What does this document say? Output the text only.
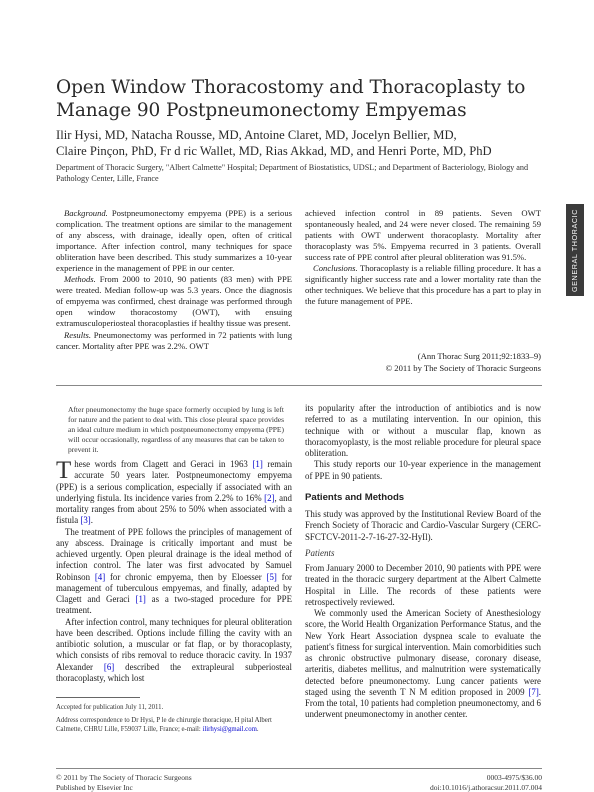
Open Window Thoracostomy and Thoracoplasty to Manage 90 Postpneumonectomy Empyemas
Ilir Hysi, MD, Natacha Rousse, MD, Antoine Claret, MD, Jocelyn Bellier, MD,
Claire Pinçon, PhD, Fr d ric Wallet, MD, Rias Akkad, MD, and Henri Porte, MD, PhD
Department of Thoracic Surgery, "Albert Calmette" Hospital; Department of Biostatistics, UDSL; and Department of Bacteriology, Biology and Pathology Center, Lille, France
GENERAL THORACIC

Background. Postpneumonectomy empyema (PPE) is a serious complication. The treatment options are similar to the management of any abscess, with drainage, ideally open, often of critical importance. After infection control, many techniques for space obliteration have been described. This study summarizes a 10-year experience in the management of PPE in our center.

Methods. From 2000 to 2010, 90 patients (83 men) with PPE were treated. Median follow-up was 5.3 years. Once the diagnosis of empyema was confirmed, chest drainage was performed through open window thoracostomy (OWT), with ensuing extramusculoperiosteal thoracoplasties if healthy tissue was present.

Results. Pneumonectomy was performed in 72 patients with lung cancer. Mortality after PPE was 2.2%. OWT

achieved infection control in 89 patients. Seven OWT spontaneously healed, and 24 were never closed. The remaining 59 patients with OWT underwent thoracoplasty. Mortality after thoracoplasty was 5%. Empyema recurred in 3 patients. Overall success rate of PPE control after pleural obliteration was 91.5%.

Conclusions. Thoracoplasty is a reliable filling procedure. It has a significantly higher success rate and a lower mortality rate than the other techniques. We believe that this procedure has a part to play in the future management of PPE.

(Ann Thorac Surg 2011;92:1833–9)
© 2011 by The Society of Thoracic Surgeons
After pneumonectomy the huge space formerly occupied by lung is left for nature and the patient to deal with. This close pleural space provides an ideal culture medium in which postpneumonectomy empyema (PPE) will occur occasionally, regardless of any measures that can be taken to prevent it.

These words from Clagett and Geraci in 1963 [1] remain accurate 50 years later. Postpneumonectomy empyema (PPE) is a serious complication, especially if associated with an underlying fistula. Its incidence varies from 2.2% to 16% [2], and mortality ranges from about 25% to 50% when associated with a fistula [3].

The treatment of PPE follows the principles of management of any abscess. Drainage is critically important and must be achieved urgently. Open pleural drainage is the ideal method of infection control. The later was first advocated by Samuel Robinson [4] for chronic empyema, then by Eloesser [5] for management of tuberculous empyemas, and finally, adapted by Clagett and Geraci [1] as a two-staged procedure for PPE treatment.

After infection control, many techniques for pleural obliteration have been described. Options include filling the cavity with an antibiotic solution, a muscular or fat flap, or by thoracoplasty, which consists of ribs removal to reduce thoracic cavity. In 1937 Alexander [6] described the extrapleural subperiosteal thoracoplasty, which lost

its popularity after the introduction of antibiotics and is now referred to as a mutilating intervention. In our opinion, this technique with or without a muscular flap, known as thoracomyoplasty, is the most reliable procedure for pleural space obliteration.

This study reports our 10-year experience in the management of PPE in 90 patients.

Patients and Methods

This study was approved by the Institutional Review Board of the French Society of Thoracic and Cardio-Vascular Surgery (CERC-SFCTCV-2011-2-7-16-27-32-HyIl).

Patients

From January 2000 to December 2010, 90 patients with PPE were treated in the thoracic surgery department at the Albert Calmette Hospital in Lille. The records of these patients were retrospectively reviewed.

We commonly used the American Society of Anesthesiology score, the World Health Organization Performance Status, and the New York Heart Association dyspnea scale to evaluate the patient's fitness for surgical intervention. Main comorbidities such as chronic obstructive pulmonary disease, coronary disease, arteritis, diabetes mellitus, and malnutrition were systematically detected before pneumonectomy. Lung cancer patients were staged using the seventh T N M edition proposed in 2009 [7]. From the total, 10 patients had completion pneumonectomy, and 6 underwent pneumonectomy in another center.

Accepted for publication July 11, 2011.

Address correspondence to Dr Hysi, P le de chirurgie thoracique, H pital Albert Calmette, CHRU Lille, F59037 Lille, France; e-mail: ilirhysi@gmail.com.

© 2011 by The Society of Thoracic Surgeons
Published by Elsevier Inc
0003-4975/$36.00
doi:10.1016/j.athoracsur.2011.07.004
